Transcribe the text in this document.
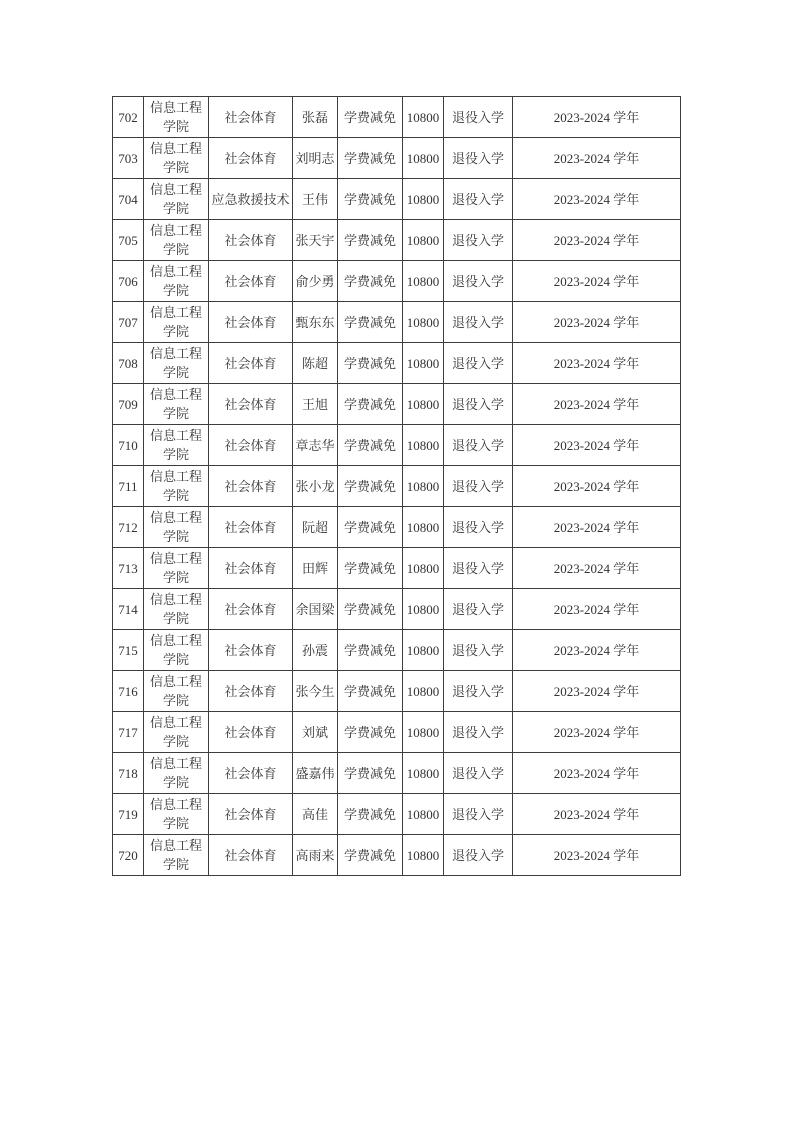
702	信息工程学院	社会体育	张磊	学费减免	10800	退役入学	2023-2024 学年
703	信息工程学院	社会体育	刘明志	学费减免	10800	退役入学	2023-2024 学年
704	信息工程学院	应急救援技术	王伟	学费减免	10800	退役入学	2023-2024 学年
705	信息工程学院	社会体育	张天宇	学费减免	10800	退役入学	2023-2024 学年
706	信息工程学院	社会体育	俞少勇	学费减免	10800	退役入学	2023-2024 学年
707	信息工程学院	社会体育	甄东东	学费减免	10800	退役入学	2023-2024 学年
708	信息工程学院	社会体育	陈超	学费减免	10800	退役入学	2023-2024 学年
709	信息工程学院	社会体育	王旭	学费减免	10800	退役入学	2023-2024 学年
710	信息工程学院	社会体育	章志华	学费减免	10800	退役入学	2023-2024 学年
711	信息工程学院	社会体育	张小龙	学费减免	10800	退役入学	2023-2024 学年
712	信息工程学院	社会体育	阮超	学费减免	10800	退役入学	2023-2024 学年
713	信息工程学院	社会体育	田辉	学费减免	10800	退役入学	2023-2024 学年
714	信息工程学院	社会体育	余国梁	学费减免	10800	退役入学	2023-2024 学年
715	信息工程学院	社会体育	孙震	学费减免	10800	退役入学	2023-2024 学年
716	信息工程学院	社会体育	张今生	学费减免	10800	退役入学	2023-2024 学年
717	信息工程学院	社会体育	刘斌	学费减免	10800	退役入学	2023-2024 学年
718	信息工程学院	社会体育	盛嘉伟	学费减免	10800	退役入学	2023-2024 学年
719	信息工程学院	社会体育	高佳	学费减免	10800	退役入学	2023-2024 学年
720	信息工程学院	社会体育	高雨来	学费减免	10800	退役入学	2023-2024 学年
